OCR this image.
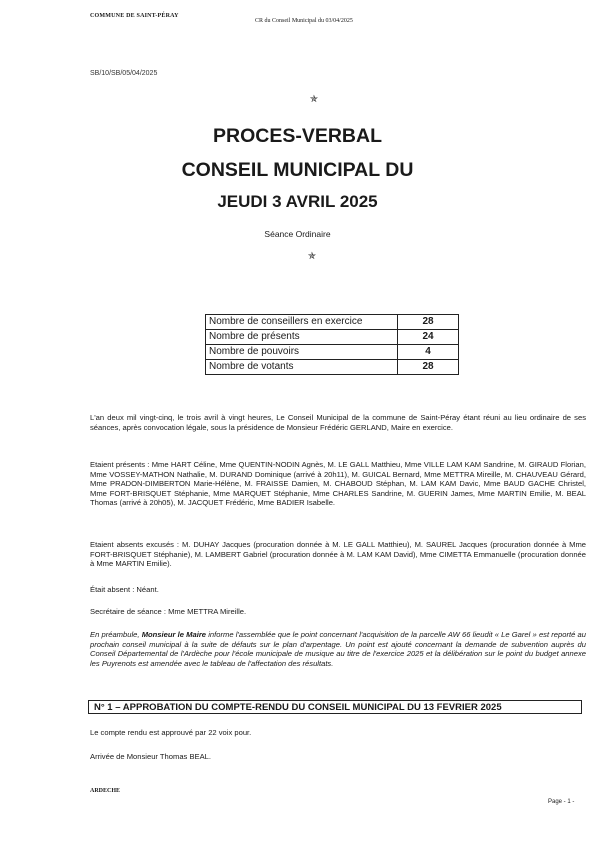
COMMUNE DE SAINT-PÉRAY
CR du Conseil Municipal du 03/04/2025
SB/10/SB/05/04/2025
✯
PROCES-VERBAL
CONSEIL MUNICIPAL DU
JEUDI 3 AVRIL 2025
Séance Ordinaire
✯
Nombre de conseillers en exercice	28
Nombre de présents	24
Nombre de pouvoirs	4
Nombre de votants	28

L'an deux mil vingt-cinq, le trois avril à vingt heures, Le Conseil Municipal de la commune de Saint-Péray étant réuni au lieu ordinaire de ses séances, après convocation légale, sous la présidence de Monsieur Frédéric GERLAND, Maire en exercice.

Etaient présents : Mme HART Céline, Mme QUENTIN-NODIN Agnès, M. LE GALL Matthieu, Mme VILLE LAM KAM Sandrine, M. GIRAUD Florian, Mme VOSSEY-MATHON Nathalie, M. DURAND Dominique (arrivé à 20h11), M. GUICAL Bernard, Mme METTRA Mireille, M. CHAUVEAU Gérard, Mme PRADON-DIMBERTON Marie-Hélène, M. FRAISSE Damien, M. CHABOUD Stéphan, M. LAM KAM Davic, Mme BAUD GACHE Christel, Mme FORT-BRISQUET Stéphanie, Mme MARQUET Stéphanie, Mme CHARLES Sandrine, M. GUERIN James, Mme MARTIN Emilie, M. BEAL Thomas (arrivé à 20h05), M. JACQUET Frédéric, Mme BADIER Isabelle.

Etaient absents excusés : M. DUHAY Jacques (procuration donnée à M. LE GALL Matthieu), M. SAUREL Jacques (procuration donnée à Mme FORT-BRISQUET Stéphanie), M. LAMBERT Gabriel (procuration donnée à M. LAM KAM David), Mme CIMETTA Emmanuelle (procuration donnée à Mme MARTIN Emilie).

Était absent : Néant.

Secrétaire de séance : Mme METTRA Mireille.

En préambule, Monsieur le Maire informe l'assemblée que le point concernant l'acquisition de la parcelle AW 66 lieudit « Le Garel » est reporté au prochain conseil municipal à la suite de défauts sur le plan d'arpentage. Un point est ajouté concernant la demande de subvention auprès du Conseil Départemental de l'Ardèche pour l'école municipale de musique au titre de l'exercice 2025 et la délibération sur le point du budget annexe les Puyrenots est amendée avec le tableau de l'affectation des résultats.

N° 1 – APPROBATION DU COMPTE-RENDU DU CONSEIL MUNICIPAL DU 13 FEVRIER 2025

Le compte rendu est approuvé par 22 voix pour.

Arrivée de Monsieur Thomas BEAL.

ARDECHE
Page - 1 -
